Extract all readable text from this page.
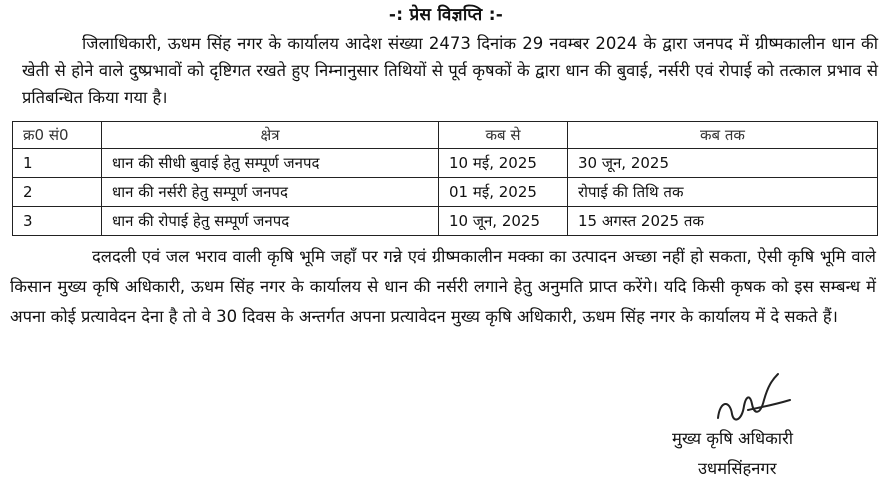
-: प्रेस विज्ञप्ति :-
जिलाधिकारी, ऊधम सिंह नगर के कार्यालय आदेश संख्या 2473 दिनांक 29 नवम्बर 2024 के द्वारा जनपद में ग्रीष्मकालीन धान की खेती से होने वाले दुष्प्रभावों को दृष्टिगत रखते हुए निम्नानुसार तिथियों से पूर्व कृषकों के द्वारा धान की बुवाई, नर्सरी एवं रोपाई को तत्काल प्रभाव से प्रतिबन्धित किया गया है।
क्र0 सं0	क्षेत्र	कब से	कब तक
1	धान की सीधी बुवाई हेतु सम्पूर्ण जनपद	10 मई, 2025	30 जून, 2025
2	धान की नर्सरी हेतु सम्पूर्ण जनपद	01 मई, 2025	रोपाई की तिथि तक
3	धान की रोपाई हेतु सम्पूर्ण जनपद	10 जून, 2025	15 अगस्त 2025 तक
दलदली एवं जल भराव वाली कृषि भूमि जहाँ पर गन्ने एवं ग्रीष्मकालीन मक्का का उत्पादन अच्छा नहीं हो सकता, ऐसी कृषि भूमि वाले किसान मुख्य कृषि अधिकारी, ऊधम सिंह नगर के कार्यालय से धान की नर्सरी लगाने हेतु अनुमति प्राप्त करेंगे। यदि किसी कृषक को इस सम्बन्ध में अपना कोई प्रत्यावेदन देना है तो वे 30 दिवस के अन्तर्गत अपना प्रत्यावेदन मुख्य कृषि अधिकारी, ऊधम सिंह नगर के कार्यालय में दे सकते हैं।
मुख्य कृषि अधिकारी
उधमसिंहनगर
